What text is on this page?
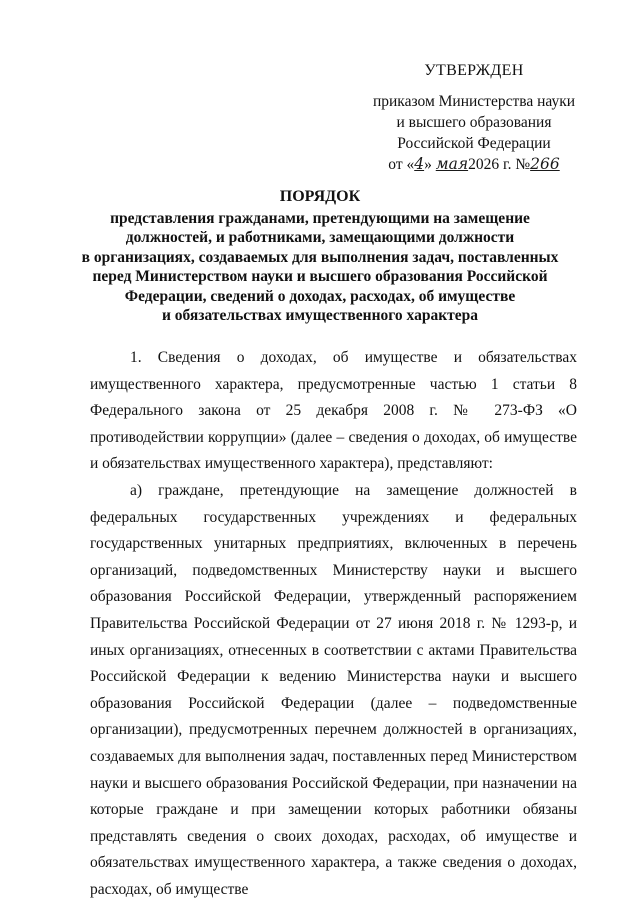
УТВЕРЖДЕН
приказом Министерства науки
и высшего образования
Российской Федерации
от «4» мая2026 г. №266
ПОРЯДОК
представления гражданами, претендующими на замещение
должностей, и работниками, замещающими должности
в организациях, создаваемых для выполнения задач, поставленных
перед Министерством науки и высшего образования Российской
Федерации, сведений о доходах, расходах, об имуществе
и обязательствах имущественного характера

1. Сведения о доходах, об имуществе и обязательствах имущественного характера, предусмотренные частью 1 статьи 8 Федерального закона от 25 декабря 2008 г. № 273-ФЗ «О противодействии коррупции» (далее – сведения о доходах, об имуществе и обязательствах имущественного характера), представляют:

а) граждане, претендующие на замещение должностей в федеральных государственных учреждениях и федеральных государственных унитарных предприятиях, включенных в перечень организаций, подведомственных Министерству науки и высшего образования Российской Федерации, утвержденный распоряжением Правительства Российской Федерации от 27 июня 2018 г. № 1293-р, и иных организациях, отнесенных в соответствии с актами Правительства Российской Федерации к ведению Министерства науки и высшего образования Российской Федерации (далее – подведомственные организации), предусмотренных перечнем должностей в организациях, создаваемых для выполнения задач, поставленных перед Министерством науки и высшего образования Российской Федерации, при назначении на которые граждане и при замещении которых работники обязаны представлять сведения о своих доходах, расходах, об имуществе и обязательствах имущественного характера, а также сведения о доходах, расходах, об имуществе
